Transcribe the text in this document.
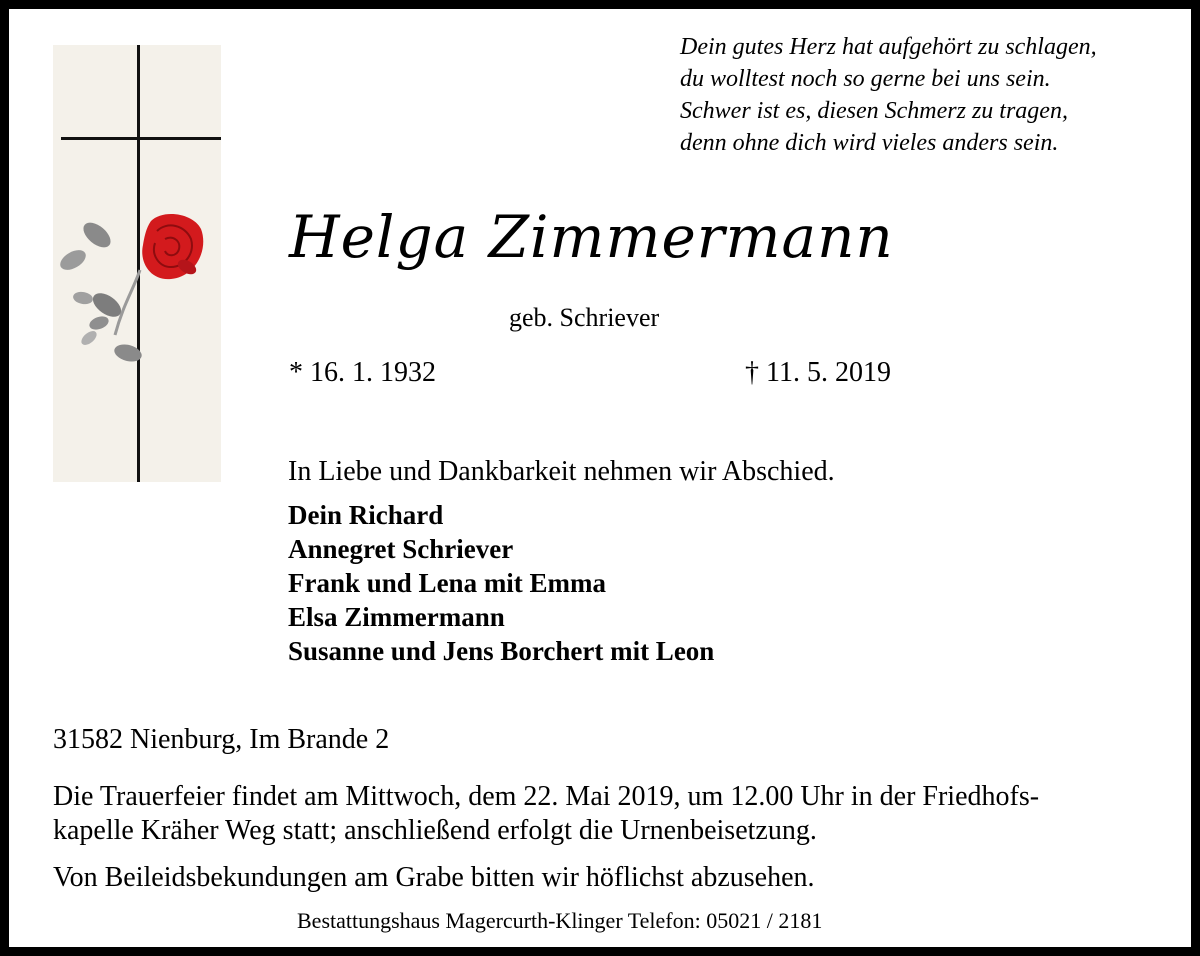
Dein gutes Herz hat aufgehört zu schlagen,
du wolltest noch so gerne bei uns sein.
Schwer ist es, diesen Schmerz zu tragen,
denn ohne dich wird vieles anders sein.
Helga Zimmermann
geb. Schriever
* 16. 1. 1932	† 11. 5. 2019
In Liebe und Dankbarkeit nehmen wir Abschied.
Dein Richard
Annegret Schriever
Frank und Lena mit Emma
Elsa Zimmermann
Susanne und Jens Borchert mit Leon
31582 Nienburg, Im Brande 2
Die Trauerfeier findet am Mittwoch, dem 22. Mai 2019, um 12.00 Uhr in der Friedhofs-
kapelle Kräher Weg statt; anschließend erfolgt die Urnenbeisetzung.
Von Beileidsbekundungen am Grabe bitten wir höflichst abzusehen.
Bestattungshaus Magercurth-Klinger Telefon: 05021 / 2181
